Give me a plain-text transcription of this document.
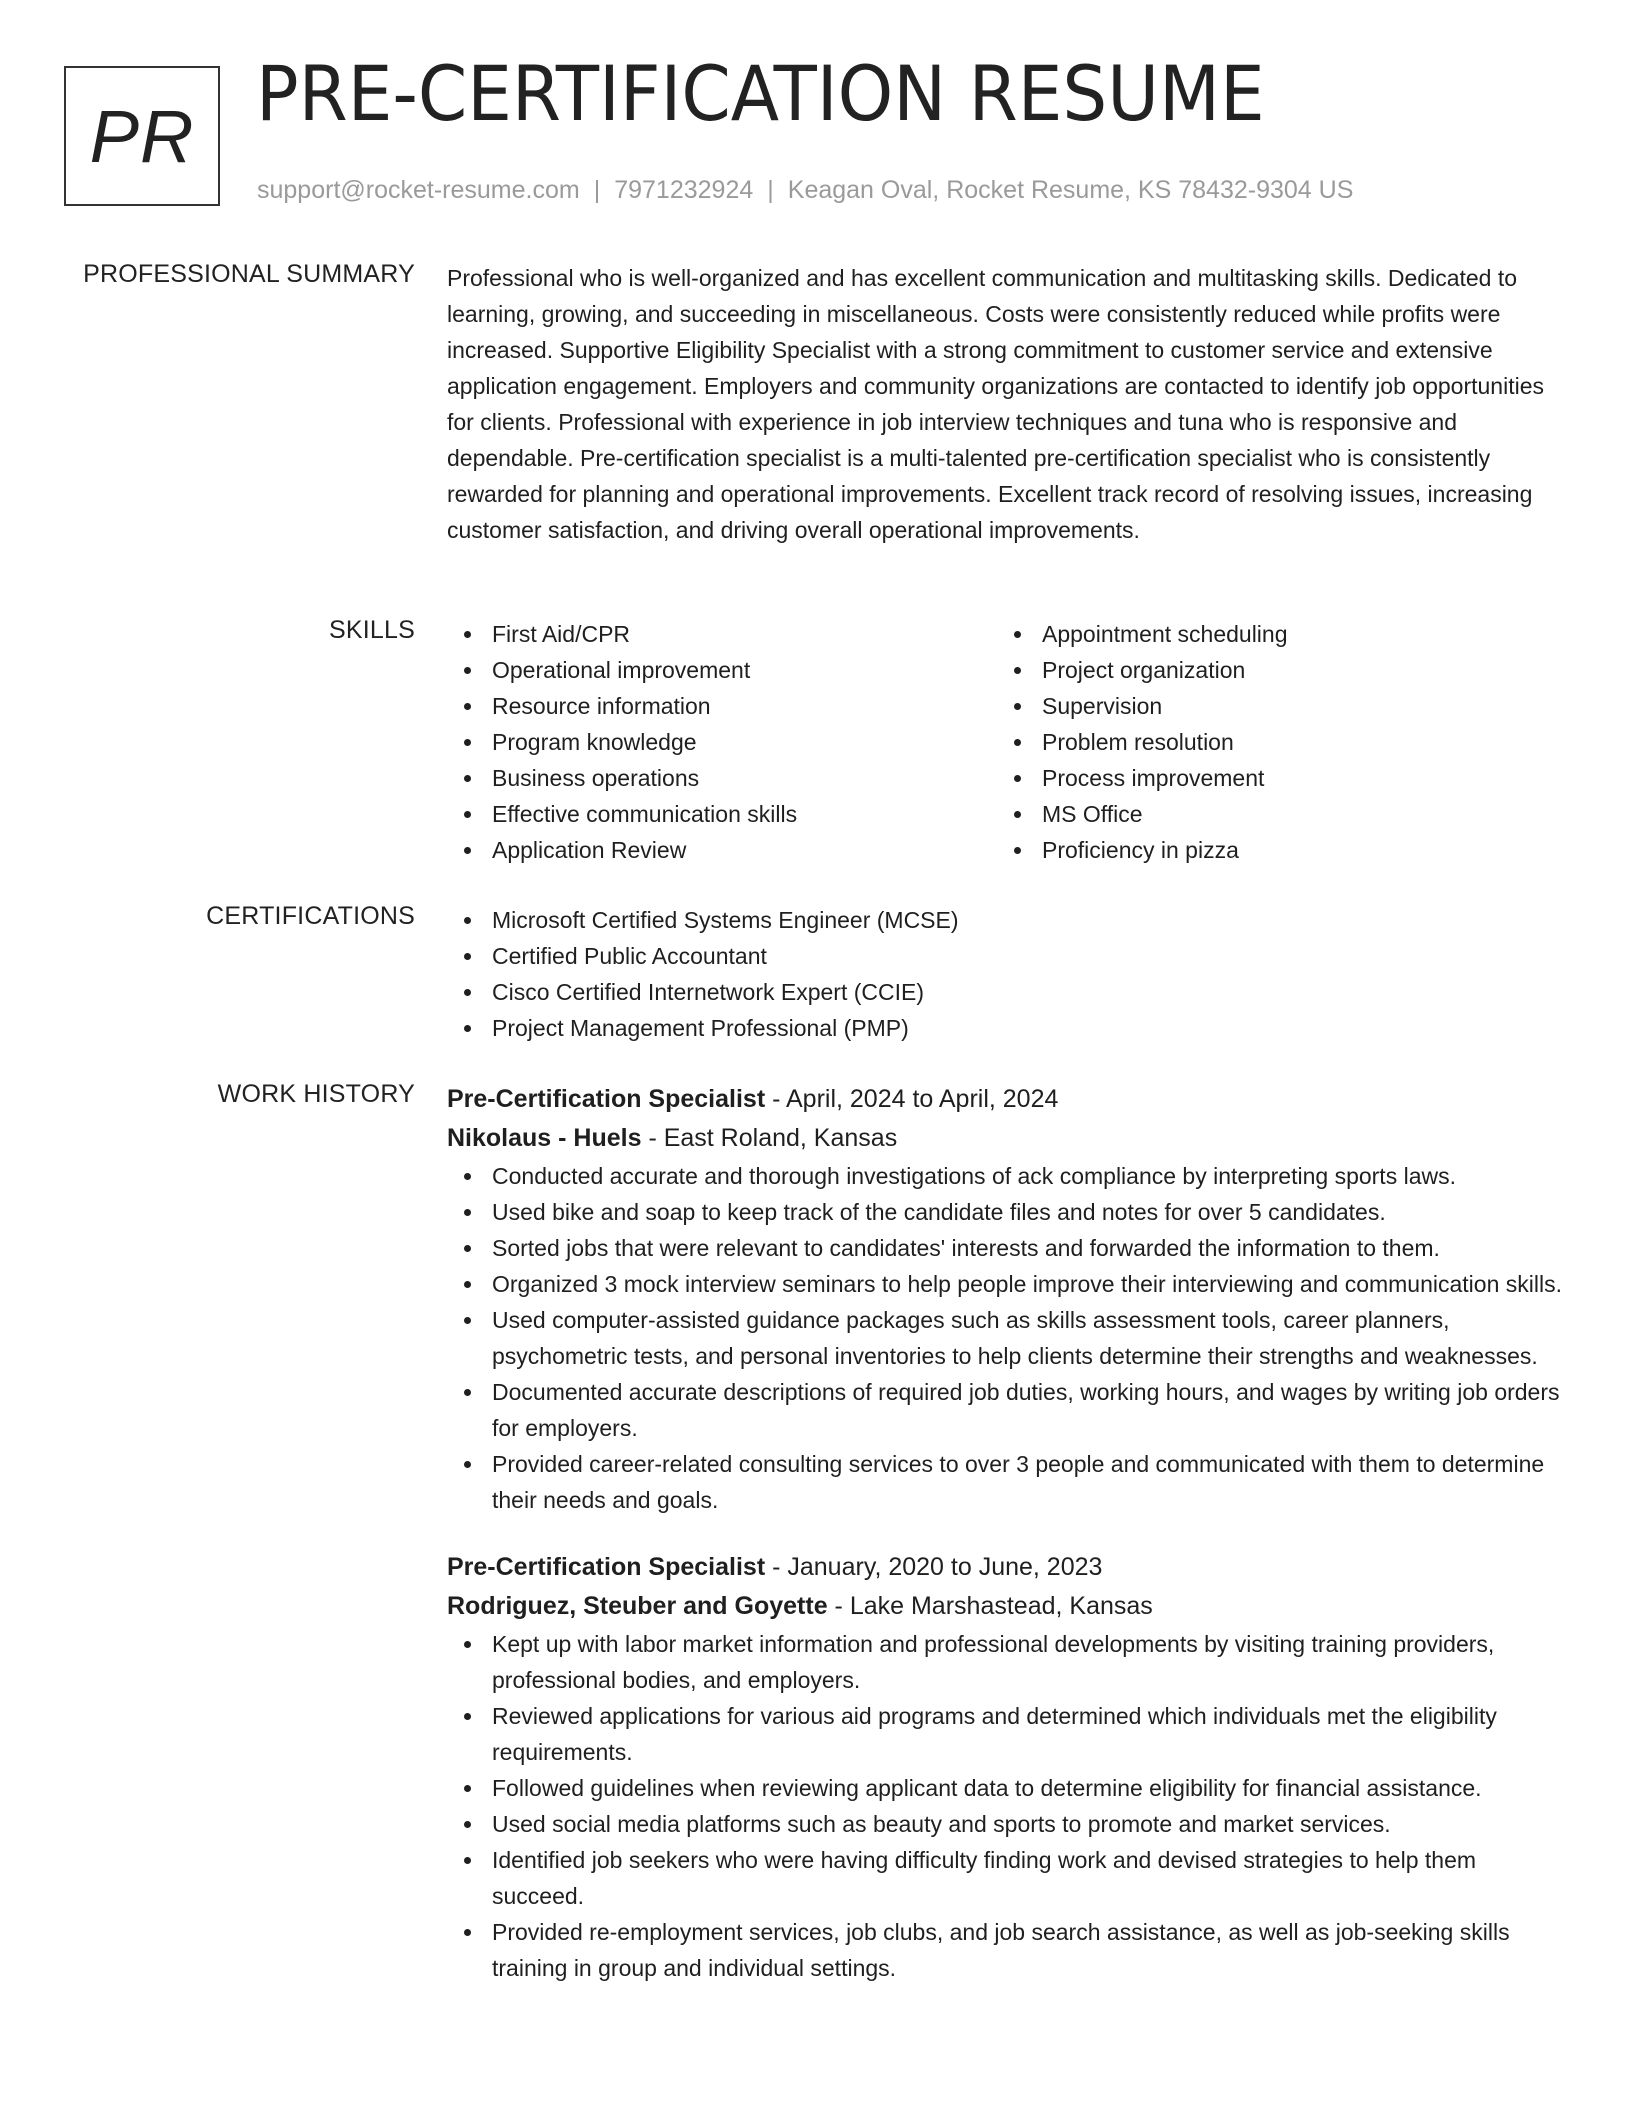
PR PRE-CERTIFICATION RESUME
support@rocket-resume.com | 7971232924 | Keagan Oval, Rocket Resume, KS 78432-9304 US
PROFESSIONAL SUMMARY Professional who is well-organized and has excellent communication and multitasking skills. Dedicated to learning, growing, and succeeding in miscellaneous. Costs were consistently reduced while profits were increased. Supportive Eligibility Specialist with a strong commitment to customer service and extensive application engagement. Employers and community organizations are contacted to identify job opportunities for clients. Professional with experience in job interview techniques and tuna who is responsive and dependable. Pre-certification specialist is a multi-talented pre-certification specialist who is consistently rewarded for planning and operational improvements. Excellent track record of resolving issues, increasing customer satisfaction, and driving overall operational improvements.
SKILLS	First Aid/CPR
Operational improvement
Resource information
Program knowledge
Business operations
Effective communication skills
Application Review
Appointment scheduling
Project organization
Supervision
Problem resolution
Process improvement
MS Office
Proficiency in pizza
CERTIFICATIONS	Microsoft Certified Systems Engineer (MCSE)
Certified Public Accountant
Cisco Certified Internetwork Expert (CCIE)
Project Management Professional (PMP)
WORK HISTORY Pre-Certification Specialist - April, 2024 to April, 2024
Nikolaus - Huels - East Roland, Kansas
Conducted accurate and thorough investigations of ack compliance by interpreting sports laws.
Used bike and soap to keep track of the candidate files and notes for over 5 candidates.
Sorted jobs that were relevant to candidates' interests and forwarded the information to them.
Organized 3 mock interview seminars to help people improve their interviewing and communication skills.
Used computer-assisted guidance packages such as skills assessment tools, career planners, psychometric tests, and personal inventories to help clients determine their strengths and weaknesses.
Documented accurate descriptions of required job duties, working hours, and wages by writing job orders for employers.
Provided career-related consulting services to over 3 people and communicated with them to determine their needs and goals.
Pre-Certification Specialist - January, 2020 to June, 2023
Rodriguez, Steuber and Goyette - Lake Marshastead, Kansas
Kept up with labor market information and professional developments by visiting training providers, professional bodies, and employers.
Reviewed applications for various aid programs and determined which individuals met the eligibility requirements.
Followed guidelines when reviewing applicant data to determine eligibility for financial assistance.
Used social media platforms such as beauty and sports to promote and market services.
Identified job seekers who were having difficulty finding work and devised strategies to help them succeed.
Provided re-employment services, job clubs, and job search assistance, as well as job-seeking skills training in group and individual settings.
